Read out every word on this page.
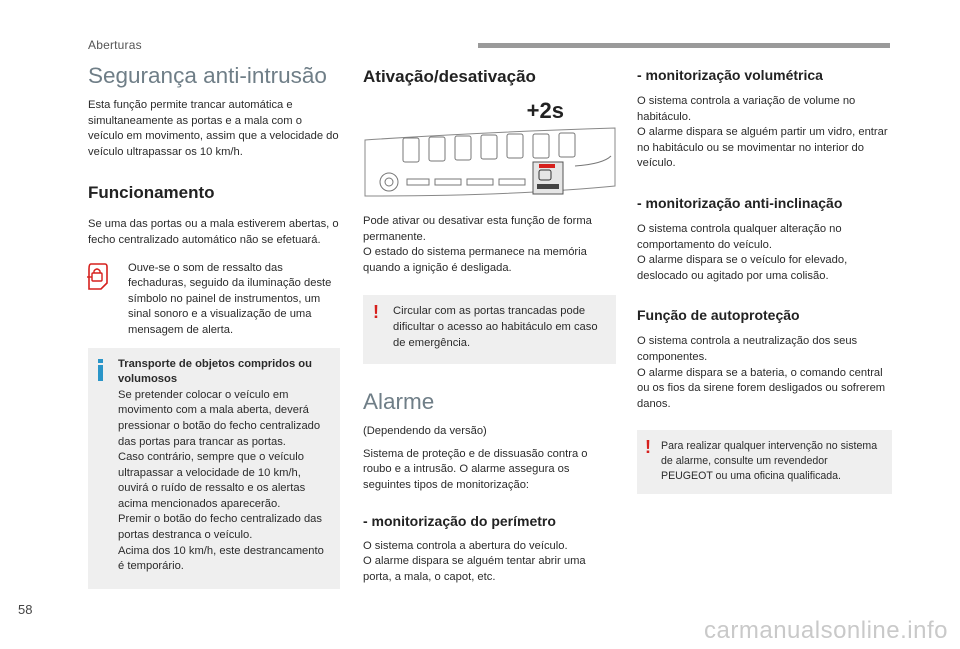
Aberturas
Segurança anti-intrusão

Esta função permite trancar automática e simultaneamente as portas e a mala com o veículo em movimento, assim que a velocidade do veículo ultrapassar os 10 km/h.

Funcionamento

Se uma das portas ou a mala estiverem abertas, o fecho centralizado automático não se efetuará.

Ouve-se o som de ressalto das fechaduras, seguido da iluminação deste símbolo no painel de instrumentos, um sinal sonoro e a visualização de uma mensagem de alerta.

Transporte de objetos compridos ou volumosos

Se pretender colocar o veículo em movimento com a mala aberta, deverá pressionar o botão do fecho centralizado das portas para trancar as portas.

Caso contrário, sempre que o veículo ultrapassar a velocidade de 10 km/h, ouvirá o ruído de ressalto e os alertas acima mencionados aparecerão.

Premir o botão do fecho centralizado das portas destranca o veículo.

Acima dos 10 km/h, este destrancamento é temporário.

Ativação/desativação

+2s

Pode ativar ou desativar esta função de forma permanente.

O estado do sistema permanece na memória quando a ignição é desligada.

! Circular com as portas trancadas pode dificultar o acesso ao habitáculo em caso de emergência.

Alarme

(Dependendo da versão)

Sistema de proteção e de dissuasão contra o roubo e a intrusão. O alarme assegura os seguintes tipos de monitorização:

- monitorização do perímetro

O sistema controla a abertura do veículo.

O alarme dispara se alguém tentar abrir uma porta, a mala, o capot, etc.

- monitorização volumétrica

O sistema controla a variação de volume no habitáculo.

O alarme dispara se alguém partir um vidro, entrar no habitáculo ou se movimentar no interior do veículo.

- monitorização anti-inclinação

O sistema controla qualquer alteração no comportamento do veículo.

O alarme dispara se o veículo for elevado, deslocado ou agitado por uma colisão.

Função de autoproteção

O sistema controla a neutralização dos seus componentes.

O alarme dispara se a bateria, o comando central ou os fios da sirene forem desligados ou sofrerem danos.

! Para realizar qualquer intervenção no sistema de alarme, consulte um revendedor PEUGEOT ou uma oficina qualificada.

58
carmanualsonline.info
